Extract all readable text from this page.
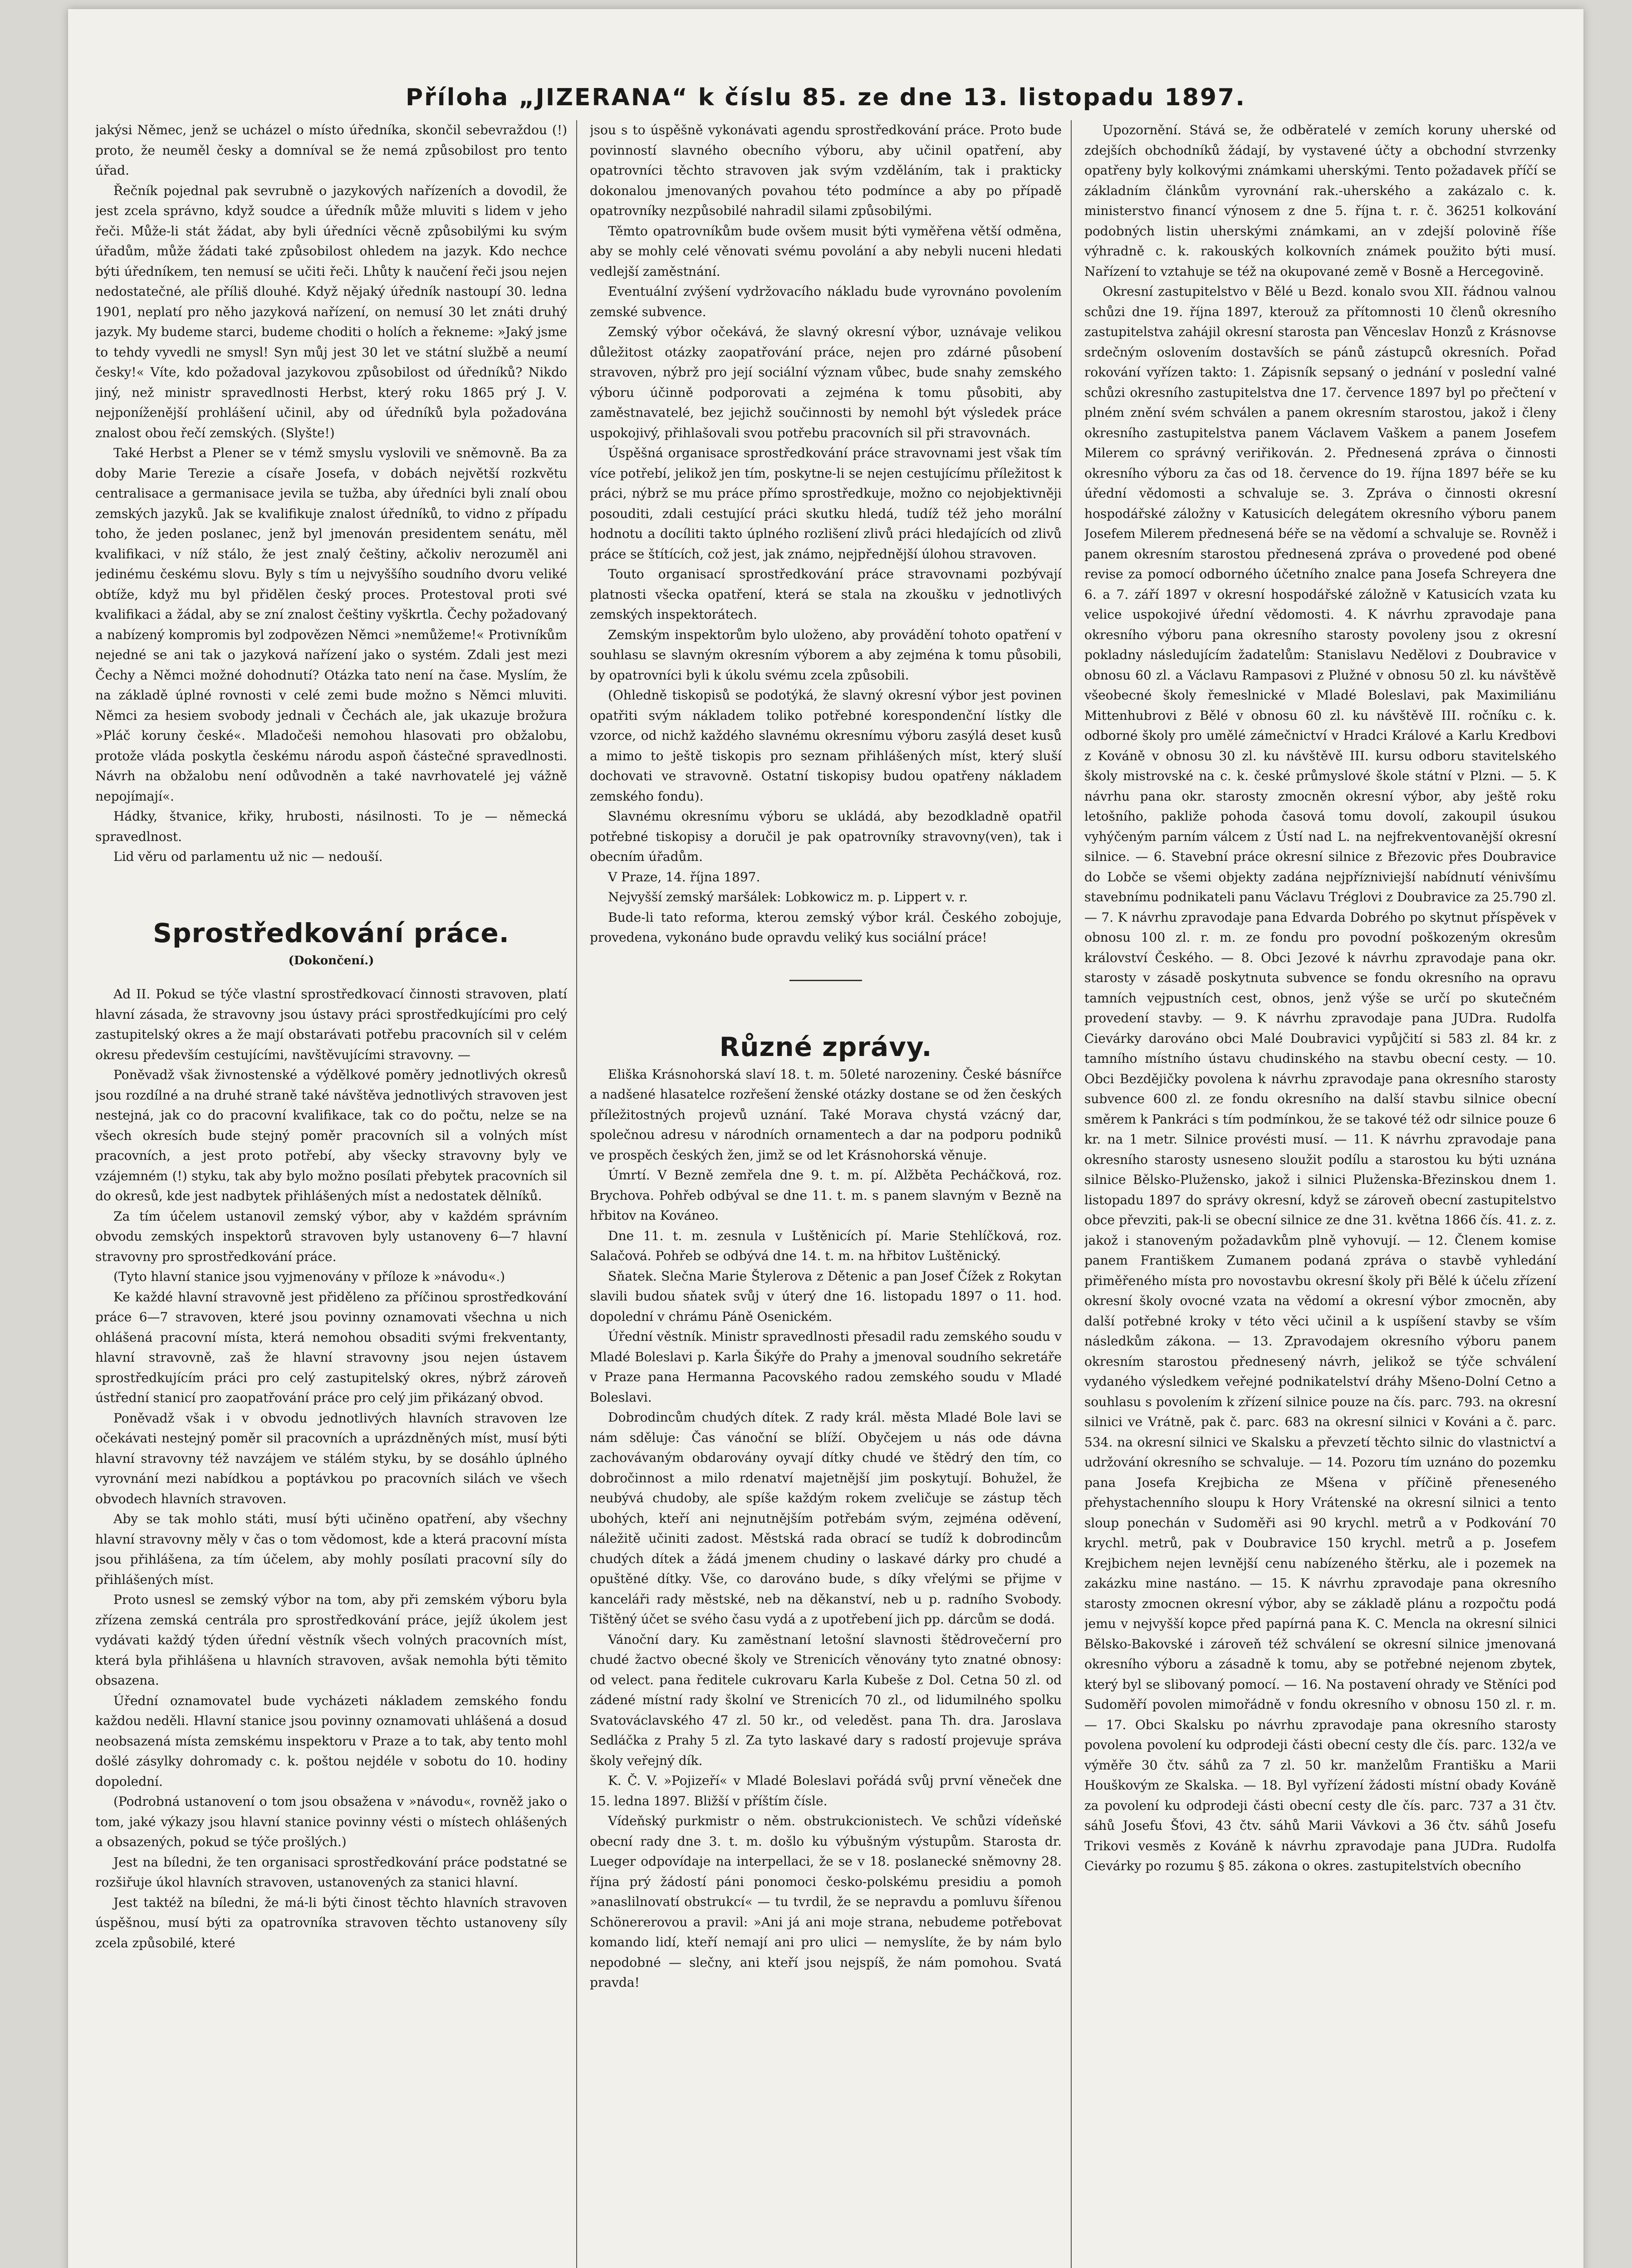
Příloha „JIZERANA“ k číslu 85. ze dne 13. listopadu 1897.

jakýsi Němec, jenž se ucházel o místo úředníka, skončil sebevraždou (!) proto, že neuměl česky a domníval se že nemá způsobilost pro tento úřad.

Řečník pojednal pak sevrubně o jazykových nařízeních a dovodil, že jest zcela správno, když soudce a úředník může mluviti s lidem v jeho řeči. Může-li stát žádat, aby byli úředníci věcně způsobilými ku svým úřadům, může žádati také způsobilost ohledem na jazyk. Kdo nechce býti úředníkem, ten nemusí se učiti řeči. Lhůty k naučení řeči jsou nejen nedostatečné, ale příliš dlouhé. Když nějaký úředník nastoupí 30. ledna 1901, neplatí pro něho jazyková nařízení, on nemusí 30 let znáti druhý jazyk. My budeme starci, budeme choditi o holích a řekneme: »Jaký jsme to tehdy vyvedli ne smysl! Syn můj jest 30 let ve státní službě a neumí česky!« Víte, kdo požadoval jazykovou způsobilost od úředníků? Nikdo jiný, než ministr spravedlnosti Herbst, který roku 1865 prý J. V. nejponíženější prohlášení učinil, aby od úředníků byla požadována znalost obou řečí zemských. (Slyšte!)

Také Herbst a Plener se v témž smyslu vyslovili ve sněmovně. Ba za doby Marie Terezie a císaře Josefa, v dobách největší rozkvětu centralisace a germanisace jevila se tužba, aby úředníci byli znalí obou zemských jazyků. Jak se kvalifikuje znalost úředníků, to vidno z případu toho, že jeden poslanec, jenž byl jmenován presidentem senátu, měl kvalifikaci, v níž stálo, že jest znalý češtiny, ačkoliv nerozuměl ani jedinému českému slovu. Byly s tím u nejvyššího soudního dvoru veliké obtíže, když mu byl přidělen český proces. Protestoval proti své kvalifikaci a žádal, aby se zní znalost češtiny vyškrtla. Čechy požadovaný a nabízený kompromis byl zodpovězen Němci »nemůžeme!« Protivníkům nejedné se ani tak o jazyková nařízení jako o systém. Zdali jest mezi Čechy a Němci možné dohodnutí? Otázka tato není na čase. Myslím, že na základě úplné rovnosti v celé zemi bude možno s Němci mluviti. Němci za hesiem svobody jednali v Čechách ale, jak ukazuje brožura »Pláč koruny české«. Mladočeši nemohou hlasovati pro obžalobu, protože vláda poskytla českému národu aspoň částečné spravedlnosti. Návrh na obžalobu není odůvodněn a také navrhovatelé jej vážně nepojímají«.

Hádky, štvanice, křiky, hrubosti, násilnosti. To je — německá spravedlnost.

Lid věru od parlamentu už nic — nedouší.

Sprostředkování práce.
(Dokončení.)

Ad II. Pokud se týče vlastní sprostředkovací činnosti stravoven, platí hlavní zásada, že stravovny jsou ústavy práci sprostředkujícími pro celý zastupitelský okres a že mají obstarávati potřebu pracovních sil v celém okresu především cestujícími, navštěvujícími stravovny. —

Poněvadž však živnostenské a výdělkové poměry jednotlivých okresů jsou rozdílné a na druhé straně také návštěva jednotlivých stravoven jest nestejná, jak co do pracovní kvalifikace, tak co do počtu, nelze se na všech okresích bude stejný poměr pracovních sil a volných míst pracovních, a jest proto potřebí, aby všecky stravovny byly ve vzájemném (!) styku, tak aby bylo možno posílati přebytek pracovních sil do okresů, kde jest nadbytek přihlášených míst a nedostatek dělníků.

Za tím účelem ustanovil zemský výbor, aby v každém správním obvodu zemských inspektorů stravoven byly ustanoveny 6—7 hlavní stravovny pro sprostředkování práce.

(Tyto hlavní stanice jsou vyjmenovány v příloze k »návodu«.)

Ke každé hlavní stravovně jest přiděleno za příčinou sprostředkování práce 6—7 stravoven, které jsou povinny oznamovati všechna u nich ohlášená pracovní místa, která nemohou obsaditi svými frekventanty, hlavní stravovně, zaš že hlavní stravovny jsou nejen ústavem sprostředkujícím práci pro celý zastupitelský okres, nýbrž zároveň ústřední stanicí pro zaopatřování práce pro celý jim přikázaný obvod.

Poněvadž však i v obvodu jednotlivých hlavních stravoven lze očekávati nestejný poměr sil pracovních a uprázdněných míst, musí býti hlavní stravovny též navzájem ve stálém styku, by se dosáhlo úplného vyrovnání mezi nabídkou a poptávkou po pracovních silách ve všech obvodech hlavních stravoven.

Aby se tak mohlo státi, musí býti učiněno opatření, aby všechny hlavní stravovny měly v čas o tom vědomost, kde a která pracovní místa jsou přihlášena, za tím účelem, aby mohly posílati pracovní síly do přihlášených míst.

Proto usnesl se zemský výbor na tom, aby při zemském výboru byla zřízena zemská centrála pro sprostředkování práce, jejíž úkolem jest vydávati každý týden úřední věstník všech volných pracovních míst, která byla přihlášena u hlavních stravoven, avšak nemohla býti těmito obsazena.

Úřední oznamovatel bude vycházeti nákladem zemského fondu každou neděli. Hlavní stanice jsou povinny oznamovati uhlášená a dosud neobsazená místa zemskému inspektoru v Praze a to tak, aby tento mohl došlé zásylky dohromady c. k. poštou nejdéle v sobotu do 10. hodiny dopolední.

(Podrobná ustanovení o tom jsou obsažena v »návodu«, rovněž jako o tom, jaké výkazy jsou hlavní stanice povinny vésti o místech ohlášených a obsazených, pokud se týče prošlých.)

Jest na bíledni, že ten organisaci sprostředkování práce podstatné se rozšiřuje úkol hlavních stravoven, ustanovených za stanici hlavní.

Jest taktéž na bíledni, že má-li býti činost těchto hlavních stravoven úspěšnou, musí býti za opatrovníka stravoven těchto ustanoveny síly zcela způsobilé, které

jsou s to úspěšně vykonávati agendu sprostředkování práce. Proto bude povinností slavného obecního výboru, aby učinil opatření, aby opatrovníci těchto stravoven jak svým vzděláním, tak i prakticky dokonalou jmenovaných povahou této podmínce a aby po případě opatrovníky nezpůsobilé nahradil silami způsobilými.

Těmto opatrovníkům bude ovšem musit býti vyměřena větší odměna, aby se mohly celé věnovati svému povolání a aby nebyli nuceni hledati vedlejší zaměstnání.

Eventuální zvýšení vydržovacího nákladu bude vyrovnáno povolením zemské subvence.

Zemský výbor očekává, že slavný okresní výbor, uznávaje velikou důležitost otázky zaopatřování práce, nejen pro zdárné působení stravoven, nýbrž pro její sociální význam vůbec, bude snahy zemského výboru účinně podporovati a zejména k tomu působiti, aby zaměstnavatelé, bez jejichž součinnosti by nemohl být výsledek práce uspokojivý, přihlašovali svou potřebu pracovních sil při stravovnách.

Úspěšná organisace sprostředkování práce stravovnami jest však tím více potřebí, jelikož jen tím, poskytne-li se nejen cestujícímu příležitost k práci, nýbrž se mu práce přímo sprostředkuje, možno co nejobjektivněji posouditi, zdali cestující práci skutku hledá, tudíž též jeho morální hodnotu a docíliti takto úplného rozlišení zlivů práci hledajících od zlivů práce se štítících, což jest, jak známo, nejpřednější úlohou stravoven.

Touto organisací sprostředkování práce stravovnami pozbývají platnosti všecka opatření, která se stala na zkoušku v jednotlivých zemských inspektorátech.

Zemským inspektorům bylo uloženo, aby provádění tohoto opatření v souhlasu se slavným okresním výborem a aby zejména k tomu působili, by opatrovníci byli k úkolu svému zcela způsobili.

(Ohledně tiskopisů se podotýká, že slavný okresní výbor jest povinen opatřiti svým nákladem toliko potřebné korespondenční lístky dle vzorce, od nichž každého slavnému okresnímu výboru zasýlá deset kusů a mimo to ještě tiskopis pro seznam přihlášených míst, který sluší dochovati ve stravovně. Ostatní tiskopisy budou opatřeny nákladem zemského fondu).

Slavnému okresnímu výboru se ukládá, aby bezodkladně opatřil potřebné tiskopisy a doručil je pak opatrovníky stravovny(ven), tak i obecním úřadům.

V Praze, 14. října 1897.

Nejvyšší zemský maršálek: Lobkowicz m. p. Lippert v. r.

Bude-li tato reforma, kterou zemský výbor král. Českého zobojuje, provedena, vykonáno bude opravdu veliký kus sociální práce!

Různé zprávy.

Eliška Krásnohorská slaví 18. t. m. 50leté narozeniny. České básnířce a nadšené hlasatelce rozřešení ženské otázky dostane se od žen českých příležitostných projevů uznání. Také Morava chystá vzácný dar, společnou adresu v národních ornamentech a dar na podporu podniků ve prospěch českých žen, jimž se od let Krásnohorská věnuje.

Úmrtí. V Bezně zemřela dne 9. t. m. pí. Alžběta Pecháčková, roz. Brychova. Pohřeb odbýval se dne 11. t. m. s panem slavným v Bezně na hřbitov na Kováneo.

Dne 11. t. m. zesnula v Luštěnicích pí. Marie Stehlíčková, roz. Salačová. Pohřeb se odbývá dne 14. t. m. na hřbitov Luštěnický.

Sňatek. Slečna Marie Štylerova z Dětenic a pan Josef Čížek z Rokytan slavili budou sňatek svůj v úterý dne 16. listopadu 1897 o 11. hod. dopolední v chrámu Páně Osenickém.

Úřední věstník. Ministr spravedlnosti přesadil radu zemského soudu v Mladé Boleslavi p. Karla Šikýře do Prahy a jmenoval soudního sekretáře v Praze pana Hermanna Pacovského radou zemského soudu v Mladé Boleslavi.

Dobrodincům chudých dítek. Z rady král. města Mladé Bole lavi se nám sděluje: Čas vánoční se blíží. Obyčejem u nás ode dávna zachovávaným obdarovány oyvají dítky chudé ve štědrý den tím, co dobročinnost a milo rdenatví majetnější jim poskytují. Bohužel, že neubývá chudoby, ale spíše každým rokem zveličuje se zástup těch ubohých, kteří ani nejnutnějším potřebám svým, zejména oděvení, náležitě učiniti zadost. Městská rada obrací se tudíž k dobrodincům chudých dítek a žádá jmenem chudiny o laskavé dárky pro chudé a opuštěné dítky. Vše, co darováno bude, s díky vřelými se přijme v kanceláři rady městské, neb na děkanství, neb u p. radního Svobody. Tištěný účet se svého času vydá a z upotřebení jich pp. dárcům se dodá.

Vánoční dary. Ku zaměstnaní letošní slavnosti štědrovečerní pro chudé žactvo obecné školy ve Strenicích věnovány tyto znatné obnosy: od velect. pana ředitele cukrovaru Karla Kubeše z Dol. Cetna 50 zl. od zádené místní rady školní ve Strenicích 70 zl., od lidumilného spolku Svatováclavského 47 zl. 50 kr., od veleděst. pana Th. dra. Jaroslava Sedláčka z Prahy 5 zl. Za tyto laskavé dary s radostí projevuje správa školy veřejný dík.

K. Č. V. »Pojizeří« v Mladé Boleslavi pořádá svůj první věneček dne 15. ledna 1897. Bližší v příštím čísle.

Vídeňský purkmistr o něm. obstrukcionistech. Ve schůzi vídeňské obecní rady dne 3. t. m. došlo ku výbušným výstupům. Starosta dr. Lueger odpovídaje na interpellaci, že se v 18. poslanecké sněmovny 28. října prý žádostí páni ponomoci česko-polskému presidiu a pomoh »anaslilnovatí obstrukcí« — tu tvrdil, že se nepravdu a pomluvu šířenou Schönererovou a pravil: »Ani já ani moje strana, nebudeme potřebovat komando lidí, kteří nemají ani pro ulici — nemyslíte, že by nám bylo nepodobné — slečny, ani kteří jsou nejspíš, že nám pomohou. Svatá pravda!

Upozornění. Stává se, že odběratelé v zemích koruny uherské od zdejších obchodníků žádají, by vystavené účty a obchodní stvrzenky opatřeny byly kolkovými známkami uherskými. Tento požadavek příčí se základním článkům vyrovnání rak.-uherského a zakázalo c. k. ministerstvo financí výnosem z dne 5. října t. r. č. 36251 kolkování podobných listin uherskými známkami, an v zdejší polovině říše výhradně c. k. rakouských kolkovních známek použito býti musí. Nařízení to vztahuje se též na okupované země v Bosně a Hercegovině.

Okresní zastupitelstvo v Bělé u Bezd. konalo svou XII. řádnou valnou schůzi dne 19. října 1897, kterouž za přítomnosti 10 členů okresního zastupitelstva zahájil okresní starosta pan Věnceslav Honzů z Krásnovse srdečným oslovením dostavších se pánů zástupců okresních. Pořad rokování vyřízen takto: 1. Zápisník sepsaný o jednání v poslední valné schůzi okresního zastupitelstva dne 17. července 1897 byl po přečtení v plném znění svém schválen a panem okresním starostou, jakož i členy okresního zastupitelstva panem Václavem Vaškem a panem Josefem Milerem co správný veriřikován. 2. Přednesená zpráva o činnosti okresního výboru za čas od 18. července do 19. října 1897 béře se ku úřední vědomosti a schvaluje se. 3. Zpráva o činnosti okresní hospodářské záložny v Katusicích delegátem okresního výboru panem Josefem Milerem přednesená béře se na vědomí a schvaluje se. Rovněž i panem okresním starostou přednesená zpráva o provedené pod obené revise za pomocí odborného účetního znalce pana Josefa Schreyera dne 6. a 7. září 1897 v okresní hospodářské záložně v Katusicích vzata ku velice uspokojivé úřední vědomosti. 4. K návrhu zpravodaje pana okresního výboru pana okresního starosty povoleny jsou z okresní pokladny následujícím žadatelům: Stanislavu Nedělovi z Doubravice v obnosu 60 zl. a Václavu Rampasovi z Plužné v obnosu 50 zl. ku návštěvě všeobecné školy řemeslnické v Mladé Boleslavi, pak Maximiliánu Mittenhubrovi z Bělé v obnosu 60 zl. ku návštěvě III. ročníku c. k. odborné školy pro umělé zámečnictví v Hradci Králové a Karlu Kredbovi z Kováně v obnosu 30 zl. ku návštěvě III. kursu odboru stavitelského školy mistrovské na c. k. české průmyslové škole státní v Plzni. — 5. K návrhu pana okr. starosty zmocněn okresní výbor, aby ještě roku letošního, pakliže pohoda časová tomu dovolí, zakoupil úsukou vyhýčeným parním válcem z Ústí nad L. na nejfrekventovanější okresní silnice. — 6. Stavební práce okresní silnice z Březovic přes Doubravice do Lobče se všemi objekty zadána nejpřízniviejší nabídnutí vénivšímu stavebnímu podnikateli panu Václavu Tréglovi z Doubravice za 25.790 zl. — 7. K návrhu zpravodaje pana Edvarda Dobrého po skytnut příspěvek v obnosu 100 zl. r. m. ze fondu pro povodní poškozeným okresům království Českého. — 8. Obci Jezové k návrhu zpravodaje pana okr. starosty v zásadě poskytnuta subvence se fondu okresního na opravu tamních vejpustních cest, obnos, jenž výše se určí po skutečném provedení stavby. — 9. K návrhu zpravodaje pana JUDra. Rudolfa Cievárky darováno obci Malé Doubravici vypůjčití si 583 zl. 84 kr. z tamního místního ústavu chudinského na stavbu obecní cesty. — 10. Obci Bezdějičky povolena k návrhu zpravodaje pana okresního starosty subvence 600 zl. ze fondu okresního na další stavbu silnice obecní směrem k Pankráci s tím podmínkou, že se takové též odr silnice pouze 6 kr. na 1 metr. Silnice provésti musí. — 11. K návrhu zpravodaje pana okresního starosty usneseno sloužit podílu a starostou ku býti uznána silnice Bělsko-Plužensko, jakož i silnici Pluženska-Březinskou dnem 1. listopadu 1897 do správy okresní, když se zároveň obecní zastupitelstvo obce převziti, pak-li se obecní silnice ze dne 31. května 1866 čís. 41. z. z. jakož i stanoveným požadavkům plně vyhovují. — 12. Členem komise panem Františkem Zumanem podaná zpráva o stavbě vyhledání přiměřeného místa pro novostavbu okresní školy při Bělé k účelu zřízení okresní školy ovocné vzata na vědomí a okresní výbor zmocněn, aby další potřebné kroky v této věci učinil a k uspíšení stavby se vším následkům zákona. — 13. Zpravodajem okresního výboru panem okresním starostou přednesený návrh, jelikož se týče schválení vydaného výsledkem veřejné podnikatelství dráhy Mšeno-Dolní Cetno a souhlasu s povolením k zřízení silnice pouze na čís. parc. 793. na okresní silnici ve Vrátně, pak č. parc. 683 na okresní silnici v Kováni a č. parc. 534. na okresní silnici ve Skalsku a převzetí těchto silnic do vlastnictví a udržování okresního se schvaluje. — 14. Pozoru tím uznáno do pozemku pana Josefa Krejbicha ze Mšena v příčině přeneseného přehystachenního sloupu k Hory Vrátenské na okresní silnici a tento sloup ponechán v Sudoměři asi 90 krychl. metrů a v Podkování 70 krychl. metrů, pak v Doubravice 150 krychl. metrů a p. Josefem Krejbichem nejen levnější cenu nabízeného štěrku, ale i pozemek na zakázku mine nastáno. — 15. K návrhu zpravodaje pana okresního starosty zmocnen okresní výbor, aby se základě plánu a rozpočtu podá jemu v nejvyšší kopce před papírná pana K. C. Mencla na okresní silnici Bělsko-Bakovské i zároveň též schválení se okresní silnice jmenovaná okresního výboru a zásadně k tomu, aby se potřebné nejenom zbytek, který byl se slibovaný pomocí. — 16. Na postavení ohrady ve Stěníci pod Sudoměří povolen mimořádně v fondu okresního v obnosu 150 zl. r. m. — 17. Obci Skalsku po návrhu zpravodaje pana okresního starosty povolena povolení ku odprodeji části obecní cesty dle čís. parc. 132/a ve výměře 30 čtv. sáhů za 7 zl. 50 kr. manželům Františku a Marii Houškovým ze Skalska. — 18. Byl vyřízení žádosti místní obady Kováně za povolení ku odprodeji části obecní cesty dle čís. parc. 737 a 31 čtv. sáhů Josefu Šťovi, 43 čtv. sáhů Marii Vávkovi a 36 čtv. sáhů Josefu Trikovi vesměs z Kováně k návrhu zpravodaje pana JUDra. Rudolfa Cievárky po rozumu § 85. zákona o okres. zastupitelstvích obecního
